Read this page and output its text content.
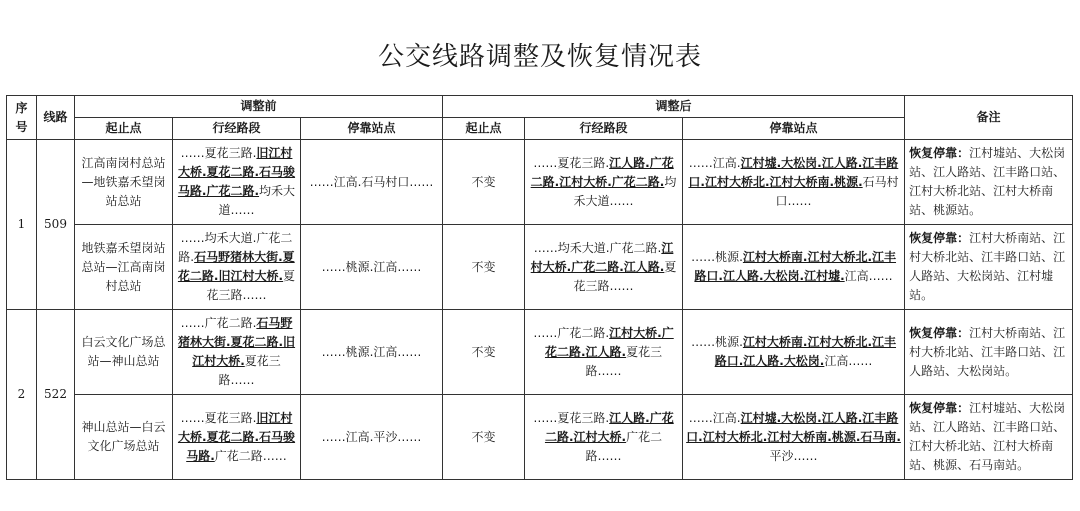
公交线路调整及恢复情况表
序号	线路	调整前			调整后			备注
		起止点	行经路段	停靠站点	起止点	行经路段	停靠站点	
1	509	江高南岗村总站—地铁嘉禾望岗站总站	……夏花三路.旧江村大桥.夏花二路.石马骏马路.广花二路.均禾大道……	……江高.石马村口……	不变	……夏花三路.江人路.广花二路.江村大桥.广花二路.均禾大道……	……江高.江村墟.大松岗.江人路.江丰路口.江村大桥北.江村大桥南.桃源.石马村口……	恢复停靠：江村墟站、大松岗站、江人路站、江丰路口站、江村大桥北站、江村大桥南站、桃源站。
		地铁嘉禾望岗站总站—江高南岗村总站	……均禾大道.广花二路.石马野猪林大街.夏花二路.旧江村大桥.夏花三路……	……桃源.江高……	不变	……均禾大道.广花二路.江村大桥.广花二路.江人路.夏花三路……	……桃源.江村大桥南.江村大桥北.江丰路口.江人路.大松岗.江村墟.江高……	恢复停靠：江村大桥南站、江村大桥北站、江丰路口站、江人路站、大松岗站、江村墟站。
2	522	白云文化广场总站—神山总站	……广花二路.石马野猪林大街.夏花二路.旧江村大桥.夏花三路……	……桃源.江高……	不变	……广花二路.江村大桥.广花二路.江人路.夏花三路……	……桃源.江村大桥南.江村大桥北.江丰路口.江人路.大松岗.江高……	恢复停靠：江村大桥南站、江村大桥北站、江丰路口站、江人路站、大松岗站。
		神山总站—白云文化广场总站	……夏花三路.旧江村大桥.夏花二路.石马骏马路.广花二路……	……江高.平沙……	不变	……夏花三路.江人路.广花二路.江村大桥.广花二路……	……江高.江村墟.大松岗.江人路.江丰路口.江村大桥北.江村大桥南.桃源.石马南.平沙……	恢复停靠：江村墟站、大松岗站、江人路站、江丰路口站、江村大桥北站、江村大桥南站、桃源、石马南站。
